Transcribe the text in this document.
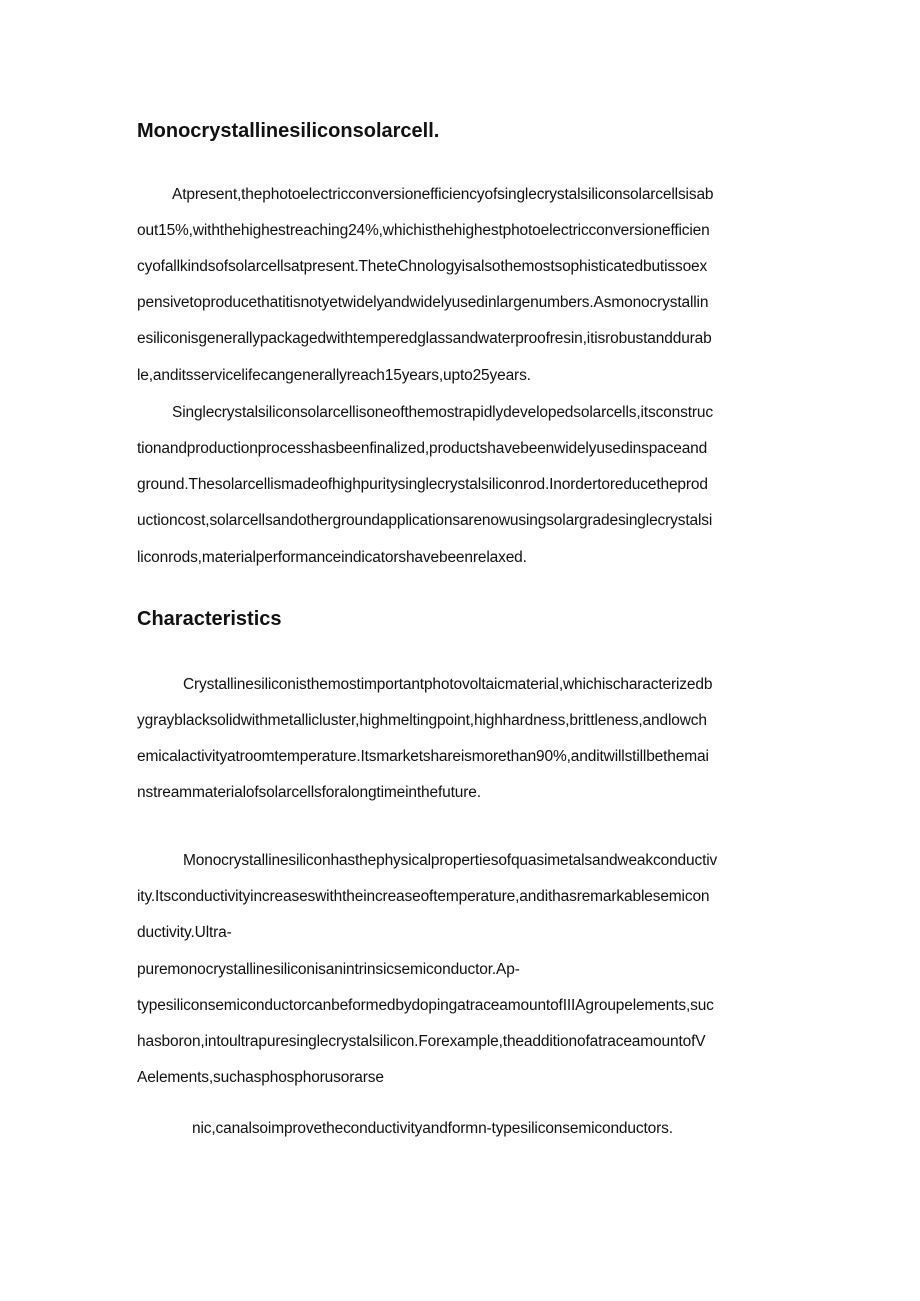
Monocrystallinesiliconsolarcell.

Atpresent,thephotoelectricconversionefficiencyofsinglecrystalsiliconsolarcellsisab

out15%,withthehighestreaching24%,whichisthehighestphotoelectricconversionefficien

cyofallkindsofsolarcellsatpresent.TheteChnologyisalsothemostsophisticatedbutissoex

pensivetoproducethatitisnotyetwidelyandwidelyusedinlargenumbers.Asmonocrystallin

esiliconisgenerallypackagedwithtemperedglassandwaterproofresin,itisrobustanddurab

le,anditsservicelifecangenerallyreach15years,upto25years.

Singlecrystalsiliconsolarcellisoneofthemostrapidlydevelopedsolarcells,itsconstruc

tionandproductionprocesshasbeenfinalized,productshavebeenwidelyusedinspaceand

ground.Thesolarcellismadeofhighpuritysinglecrystalsiliconrod.Inordertoreducetheprod

uctioncost,solarcellsandothergroundapplicationsarenowusingsolargradesinglecrystalsi

liconrods,materialperformanceindicatorshavebeenrelaxed.

Characteristics

Crystallinesiliconisthemostimportantphotovoltaicmaterial,whichischaracterizedb

ygrayblacksolidwithmetallicluster,highmeltingpoint,highhardness,brittleness,andlowch

emicalactivityatroomtemperature.Itsmarketshareismorethan90%,anditwillstillbethemai

nstreammaterialofsolarcellsforalongtimeinthefuture.

Monocrystallinesiliconhasthephysicalpropertiesofquasimetalsandweakconductiv

ity.Itsconductivityincreaseswiththeincreaseoftemperature,andithasremarkablesemicon

ductivity.Ultra-

puremonocrystallinesiliconisanintrinsicsemiconductor.Ap-

typesiliconsemiconductorcanbeformedbydopingatraceamountofIIIAgroupelements,suc

hasboron,intoultrapuresinglecrystalsilicon.Forexample,theadditionofatraceamountofV

Aelements,suchasphosphorusorarse

nic,canalsoimprovetheconductivityandformn-typesiliconsemiconductors.
